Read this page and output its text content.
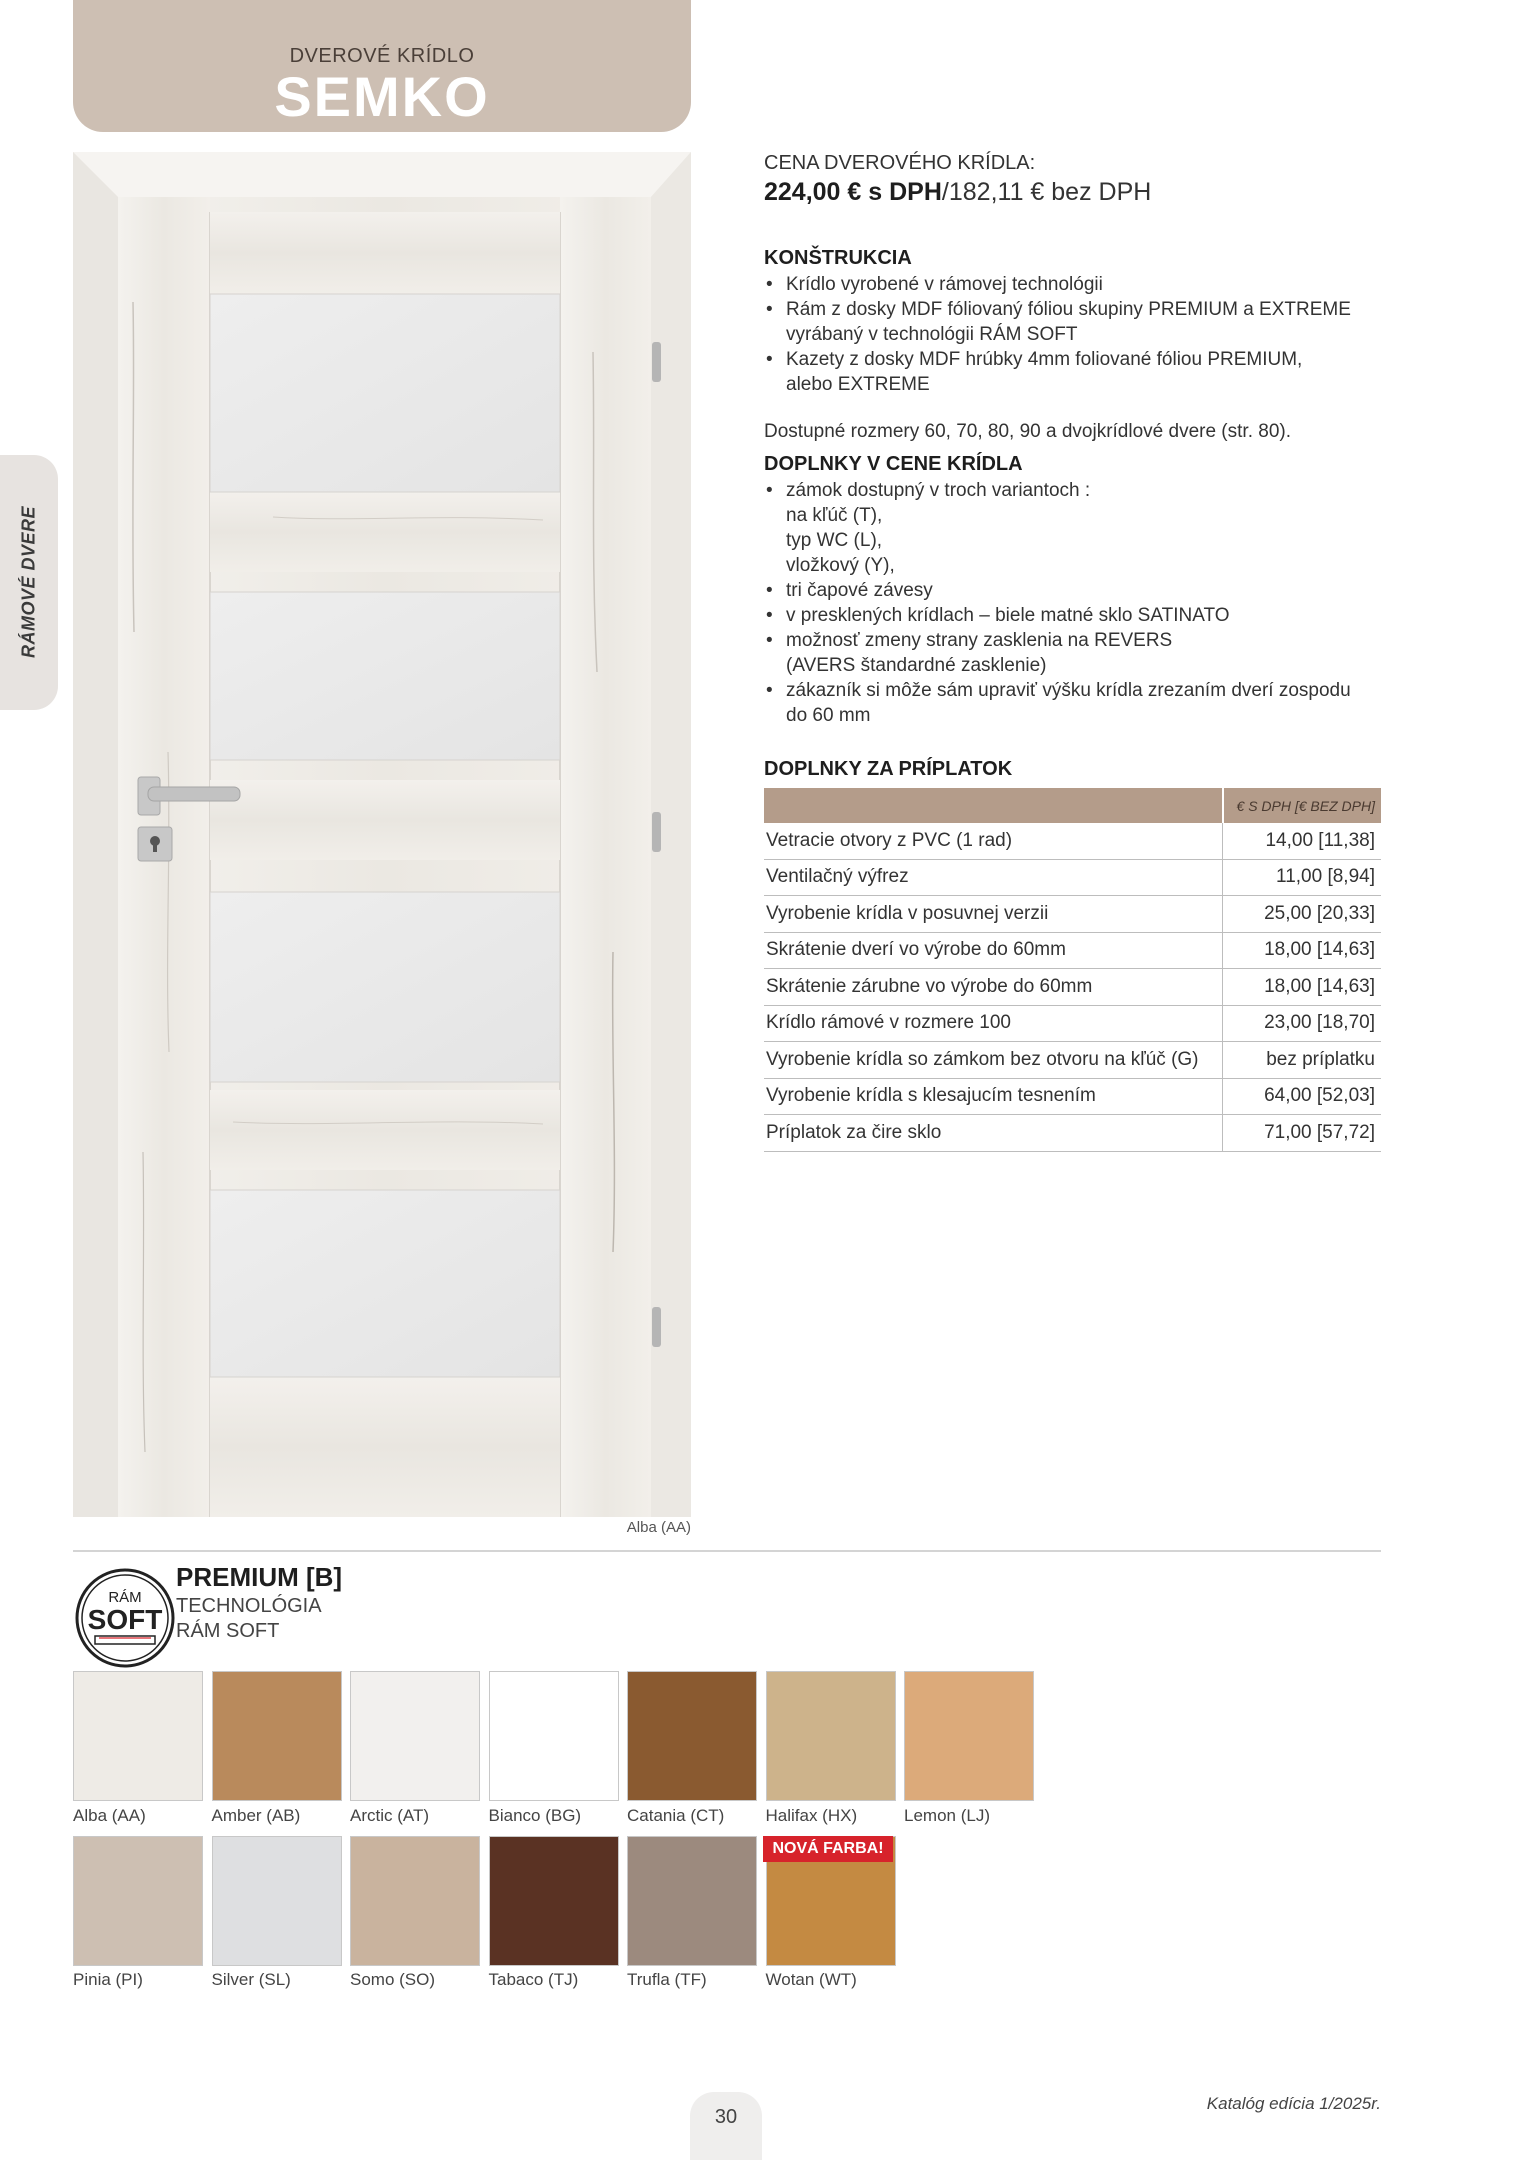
DVEROVÉ KRÍDLO
SEMKO
RÁMOVÉ DVERE
Alba (AA)
CENA DVEROVÉHO KRÍDLA:
224,00 € s DPH/182,11 € bez DPH
KONŠTRUKCIA
• Krídlo vyrobené v rámovej technológii
• Rám z dosky MDF fóliovaný fóliou skupiny PREMIUM a EXTREME
vyrábaný v technológii RÁM SOFT
• Kazety z dosky MDF hrúbky 4mm foliované fóliou PREMIUM,
alebo EXTREME
Dostupné rozmery 60, 70, 80, 90 a dvojkrídlové dvere (str. 80).
DOPLNKY V CENE KRÍDLA
• zámok dostupný v troch variantoch :
na kľúč (T),
typ WC (L),
vložkový (Y),
• tri čapové závesy
• v presklených krídlach – biele matné sklo SATINATO
• možnosť zmeny strany zasklenia na REVERS
(AVERS štandardné zasklenie)
• zákazník si môže sám upraviť výšku krídla zrezaním dverí zospodu
do 60 mm
DOPLNKY ZA PRÍPLATOK
	€ S DPH [€ BEZ DPH]
Vetracie otvory z PVC (1 rad)	14,00 [11,38]
Ventilačný výfrez	11,00 [8,94]
Vyrobenie krídla v posuvnej verzii	25,00 [20,33]
Skrátenie dverí vo výrobe do 60mm	18,00 [14,63]
Skrátenie zárubne vo výrobe do 60mm	18,00 [14,63]
Krídlo rámové v rozmere 100	23,00 [18,70]
Vyrobenie krídla so zámkom bez otvoru na kľúč (G)	bez príplatku
Vyrobenie krídla s klesajucím tesnením	64,00 [52,03]
Príplatok za čire sklo	71,00 [57,72]
RÁM
SOFT
PREMIUM [B]
TECHNOLÓGIA
RÁM SOFT
Alba (AA)	Amber (AB)	Arctic (AT)	Bianco (BG)	Catania (CT) Halifax (HX)	Lemon (LJ)
Pinia (PI)	Silver (SL)	Somo (SO)	Tabaco (TJ)	Trufla (TF)	Wotan (WT)
NOVÁ FARBA!
30
Katalóg edícia 1/2025r.
